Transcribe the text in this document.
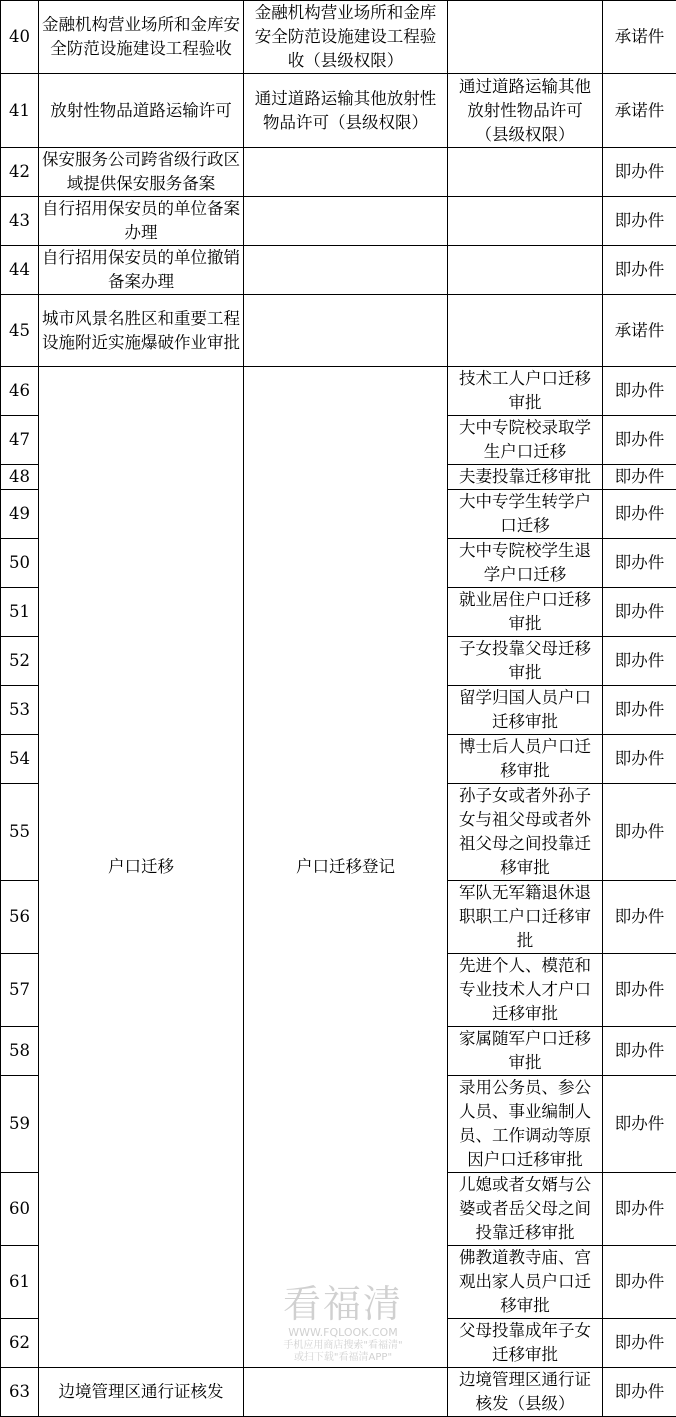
40	金融机构营业场所和金库安全防范设施建设工程验收	金融机构营业场所和金库安全防范设施建设工程验收（县级权限）		承诺件
41	放射性物品道路运输许可	通过道路运输其他放射性物品许可（县级权限）	通过道路运输其他放射性物品许可（县级权限）	承诺件
42	保安服务公司跨省级行政区域提供保安服务备案			即办件
43	自行招用保安员的单位备案办理			即办件
44	自行招用保安员的单位撤销备案办理			即办件
45	城市风景名胜区和重要工程设施附近实施爆破作业审批			承诺件
46	户口迁移	户口迁移登记	技术工人户口迁移审批	即办件
47			大中专院校录取学生户口迁移	即办件
48			夫妻投靠迁移审批	即办件
49			大中专学生转学户口迁移	即办件
50			大中专院校学生退学户口迁移	即办件
51			就业居住户口迁移审批	即办件
52			子女投靠父母迁移审批	即办件
53			留学归国人员户口迁移审批	即办件
54			博士后人员户口迁移审批	即办件
55			孙子女或者外孙子女与祖父母或者外祖父母之间投靠迁移审批	即办件
56			军队无军籍退休退职职工户口迁移审批	即办件
57			先进个人、模范和专业技术人才户口迁移审批	即办件
58			家属随军户口迁移审批	即办件
59			录用公务员、参公人员、事业编制人员、工作调动等原因户口迁移审批	即办件
60			儿媳或者女婿与公婆或者岳父母之间投靠迁移审批	即办件
61			佛教道教寺庙、宫观出家人员户口迁移审批	即办件
62			父母投靠成年子女迁移审批	即办件
63	边境管理区通行证核发		边境管理区通行证核发（县级）	即办件
看福清
WWW.FQLOOK.COM
手机应用商店搜索"看福清"
或扫下载"看福清APP"
